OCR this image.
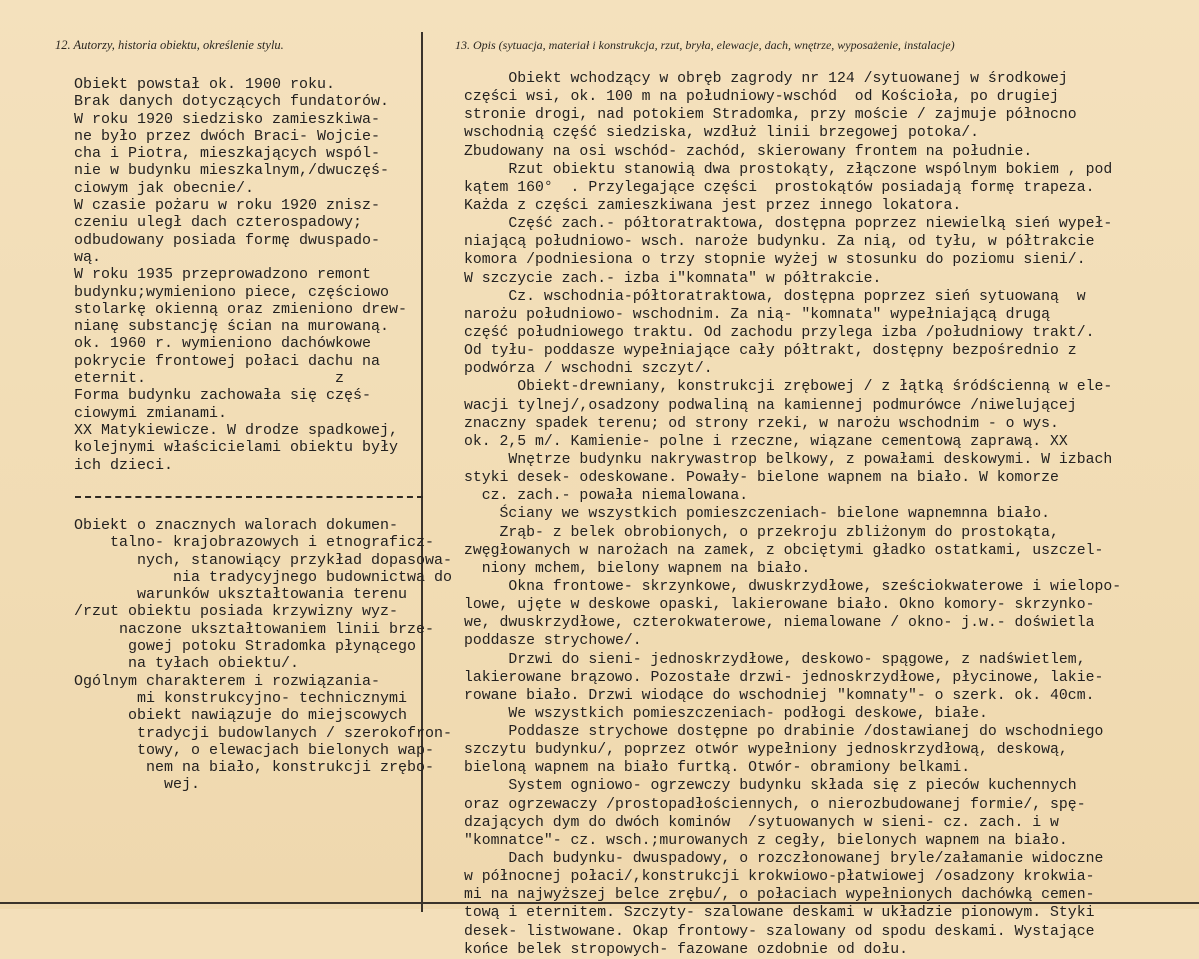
12. Autorzy, historia obiektu, określenie stylu.	13. Opis (sytuacja, materiał i konstrukcja, rzut, bryła, elewacje, dach, wnętrze, wyposażenie, instalacje)
Obiekt powstał ok. 1900 roku.
Brak danych dotyczących fundatorów.
W roku 1920 siedzisko zamieszkiwa-
ne było przez dwóch Braci- Wojcie-
cha i Piotra, mieszkających wspól-
nie w budynku mieszkalnym,/dwuczęś-
ciowym jak obecnie/.
W czasie pożaru w roku 1920 znisz-
czeniu uległ dach czterospadowy;
odbudowany posiada formę dwuspado-
wą.
W roku 1935 przeprowadzono remont
budynku;wymieniono piece, częściowo
stolarkę okienną oraz zmieniono drew-
nianę substancję ścian na murowaną.
ok. 1960 r. wymieniono dachówkowe
pokrycie frontowej połaci dachu na
eternit.                     z
Forma budynku zachowała się częś-
ciowymi zmianami.
XX Matykiewicze. W drodze spadkowej,
kolejnymi właścicielami obiektu były
ich dzieci.
Obiekt o znacznych walorach dokumen-
talno- krajobrazowych i etnograficz-
nych, stanowiący przykład dopasowa-
nia tradycyjnego budownictwa do
warunków ukształtowania terenu
/rzut obiektu posiada krzywizny wyz-
naczone ukształtowaniem linii brze-
gowej potoku Stradomka płynącego
na tyłach obiektu/.
Ogólnym charakterem i rozwiązania-
mi konstrukcyjno- technicznymi
obiekt nawiązuje do miejscowych
tradycji budowlanych / szerokofron-
towy, o elewacjach bielonych wap-
nem na biało, konstrukcji zrębo-
wej.
Obiekt wchodzący w obręb zagrody nr 124 /sytuowanej w środkowej
części wsi, ok. 100 m na południowy-wschód  od Kościoła, po drugiej
stronie drogi, nad potokiem Stradomka, przy moście / zajmuje północno
wschodnią część siedziska, wzdłuż linii brzegowej potoka/.
Zbudowany na osi wschód- zachód, skierowany frontem na południe.
Rzut obiektu stanowią dwa prostokąty, złączone wspólnym bokiem , pod
kątem 160°  . Przylegające części  prostokątów posiadają formę trapeza.
Każda z części zamieszkiwana jest przez innego lokatora.
Część zach.- półtoratraktowa, dostępna poprzez niewielką sień wypeł-
niającą południowo- wsch. naroże budynku. Za nią, od tyłu, w półtrakcie
komora /podniesiona o trzy stopnie wyżej w stosunku do poziomu sieni/.
W szczycie zach.- izba i"komnata" w półtrakcie.
Cz. wschodnia-półtoratraktowa, dostępna poprzez sień sytuowaną  w
narożu południowo- wschodnim. Za nią- "komnata" wypełniającą drugą
część południowego traktu. Od zachodu przylega izba /południowy trakt/.
Od tyłu- poddasze wypełniające cały półtrakt, dostępny bezpośrednio z
podwórza / wschodni szczyt/.
Obiekt-drewniany, konstrukcji zrębowej / z łątką śródścienną w ele-
wacji tylnej/,osadzony podwaliną na kamiennej podmurówce /niwelującej
znaczny spadek terenu; od strony rzeki, w narożu wschodnim - o wys.
ok. 2,5 m/. Kamienie- polne i rzeczne, wiązane cementową zaprawą. XX
Wnętrze budynku nakrywastrop belkowy, z powałami deskowymi. W izbach
styki desek- odeskowane. Powały- bielone wapnem na biało. W komorze
cz. zach.- powała niemalowana.
Ściany we wszystkich pomieszczeniach- bielone wapnemnna biało.
Zrąb- z belek obrobionych, o przekroju zbliżonym do prostokąta,
zwęgłowanych w narożach na zamek, z obciętymi gładko ostatkami, uszczel-
niony mchem, bielony wapnem na biało.
Okna frontowe- skrzynkowe, dwuskrzydłowe, sześciokwaterowe i wielopo-
lowe, ujęte w deskowe opaski, lakierowane biało. Okno komory- skrzynko-
we, dwuskrzydłowe, czterokwaterowe, niemalowane / okno- j.w.- doświetla
poddasze strychowe/.
Drzwi do sieni- jednoskrzydłowe, deskowo- spągowe, z nadświetlem,
lakierowane brązowo. Pozostałe drzwi- jednoskrzydłowe, płycinowe, lakie-
rowane biało. Drzwi wiodące do wschodniej "komnaty"- o szerk. ok. 40cm.
We wszystkich pomieszczeniach- podłogi deskowe, białe.
Poddasze strychowe dostępne po drabinie /dostawianej do wschodniego
szczytu budynku/, poprzez otwór wypełniony jednoskrzydłową, deskową,
bieloną wapnem na biało furtką. Otwór- obramiony belkami.
System ogniowo- ogrzewczy budynku składa się z pieców kuchennych
oraz ogrzewaczy /prostopadłościennych, o nierozbudowanej formie/, spę-
dzających dym do dwóch kominów  /sytuowanych w sieni- cz. zach. i w
"komnatce"- cz. wsch.;murowanych z cegły, bielonych wapnem na biało.
Dach budynku- dwuspadowy, o rozczłonowanej bryle/załamanie widoczne
w północnej połaci/,konstrukcji krokwiowo-płatwiowej /osadzony krokwia-
mi na najwyższej belce zrębu/, o połaciach wypełnionych dachówką cemen-
tową i eternitem. Szczyty- szalowane deskami w układzie pionowym. Styki
desek- listwowane. Okap frontowy- szalowany od spodu deskami. Wystające
końce belek stropowych- fazowane ozdobnie od dołu.
